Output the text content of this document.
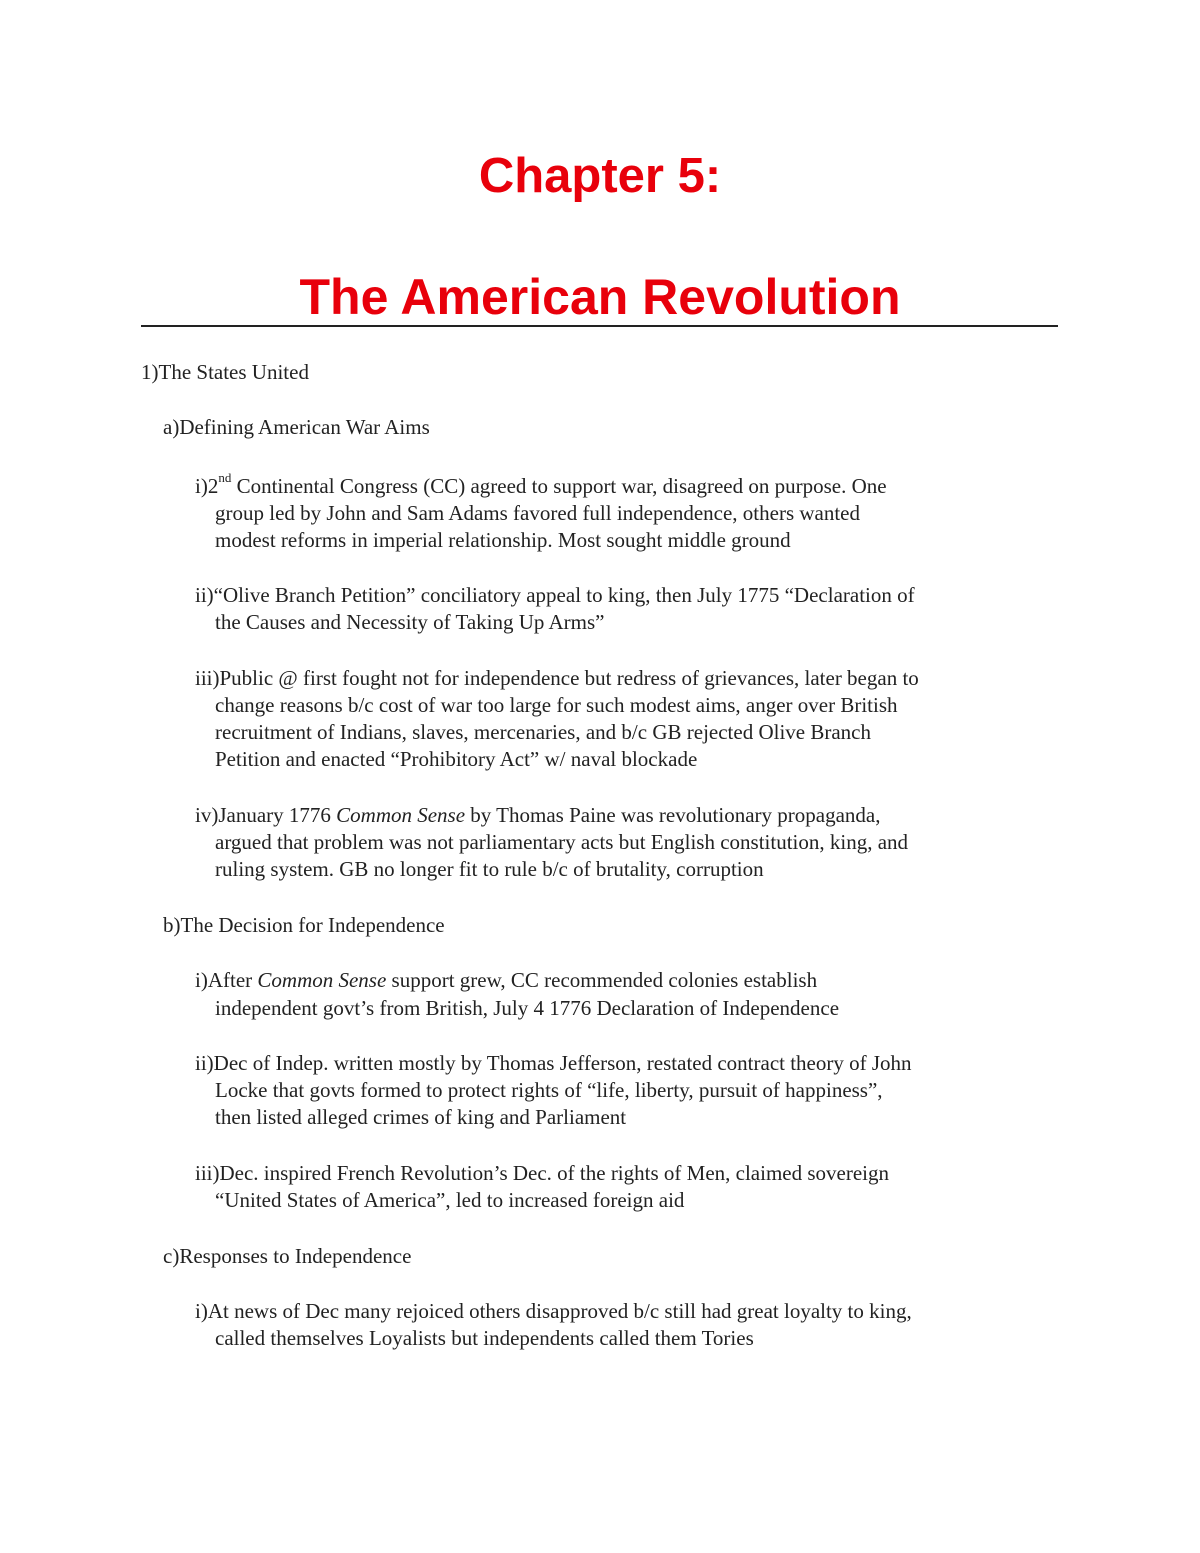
Chapter 5:
The American Revolution

1)The States United

a)Defining American War Aims

i)2nd Continental Congress (CC) agreed to support war, disagreed on purpose. One

group led by John and Sam Adams favored full independence, others wanted

modest reforms in imperial relationship. Most sought middle ground

ii)“Olive Branch Petition” conciliatory appeal to king, then July 1775 “Declaration of

the Causes and Necessity of Taking Up Arms”

iii)Public @ first fought not for independence but redress of grievances, later began to

change reasons b/c cost of war too large for such modest aims, anger over British

recruitment of Indians, slaves, mercenaries, and b/c GB rejected Olive Branch

Petition and enacted “Prohibitory Act” w/ naval blockade

iv)January 1776 Common Sense by Thomas Paine was revolutionary propaganda,

argued that problem was not parliamentary acts but English constitution, king, and

ruling system. GB no longer fit to rule b/c of brutality, corruption

b)The Decision for Independence

i)After Common Sense support grew, CC recommended colonies establish

independent govt’s from British, July 4 1776 Declaration of Independence

ii)Dec of Indep. written mostly by Thomas Jefferson, restated contract theory of John

Locke that govts formed to protect rights of “life, liberty, pursuit of happiness”,

then listed alleged crimes of king and Parliament

iii)Dec. inspired French Revolution’s Dec. of the rights of Men, claimed sovereign

“United States of America”, led to increased foreign aid

c)Responses to Independence

i)At news of Dec many rejoiced others disapproved b/c still had great loyalty to king,

called themselves Loyalists but independents called them Tories
